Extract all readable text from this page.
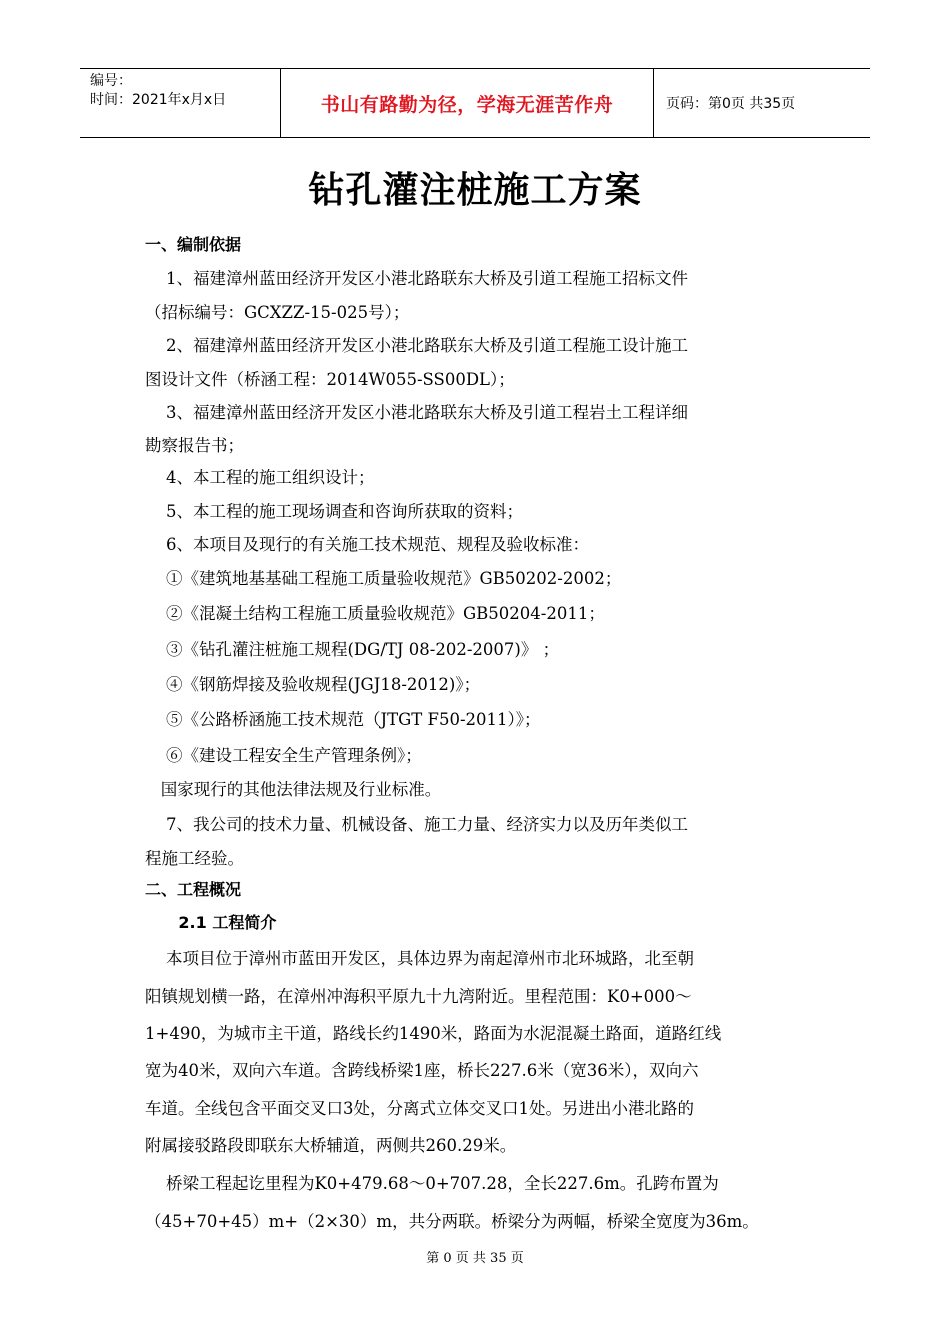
编号：
时间：2021年x月x日	书山有路勤为径，学海无涯苦作舟	页码：第0页 共35页
钻孔灌注桩施工方案
一、编制依据
1、福建漳州蓝田经济开发区小港北路联东大桥及引道工程施工招标文件
（招标编号：GCXZZ-15-025号）；
2、福建漳州蓝田经济开发区小港北路联东大桥及引道工程施工设计施工
图设计文件（桥涵工程：2014W055-SS00DL）；
3、福建漳州蓝田经济开发区小港北路联东大桥及引道工程岩土工程详细
勘察报告书；
4、本工程的施工组织设计；
5、本工程的施工现场调查和咨询所获取的资料；
6、本项目及现行的有关施工技术规范、规程及验收标准：
①《建筑地基基础工程施工质量验收规范》GB50202-2002；
②《混凝土结构工程施工质量验收规范》GB50204-2011；
③《钻孔灌注桩施工规程(DG/TJ 08-202-2007)》 ；
④《钢筋焊接及验收规程(JGJ18-2012)》；
⑤《公路桥涵施工技术规范（JTGT F50-2011）》；
⑥《建设工程安全生产管理条例》；
国家现行的其他法律法规及行业标准。
7、我公司的技术力量、机械设备、施工力量、经济实力以及历年类似工
程施工经验。
二、工程概况
2.1 工程简介
本项目位于漳州市蓝田开发区，具体边界为南起漳州市北环城路，北至朝
阳镇规划横一路，在漳州冲海积平原九十九湾附近。里程范围：K0+000～
1+490，为城市主干道，路线长约1490米，路面为水泥混凝土路面，道路红线
宽为40米，双向六车道。含跨线桥梁1座，桥长227.6米（宽36米），双向六
车道。全线包含平面交叉口3处，分离式立体交叉口1处。另进出小港北路的
附属接驳路段即联东大桥辅道，两侧共260.29米。
桥梁工程起讫里程为K0+479.68～0+707.28，全长227.6m。孔跨布置为
（45+70+45）m+（2×30）m，共分两联。桥梁分为两幅，桥梁全宽度为36m。
第 0 页 共 35 页
